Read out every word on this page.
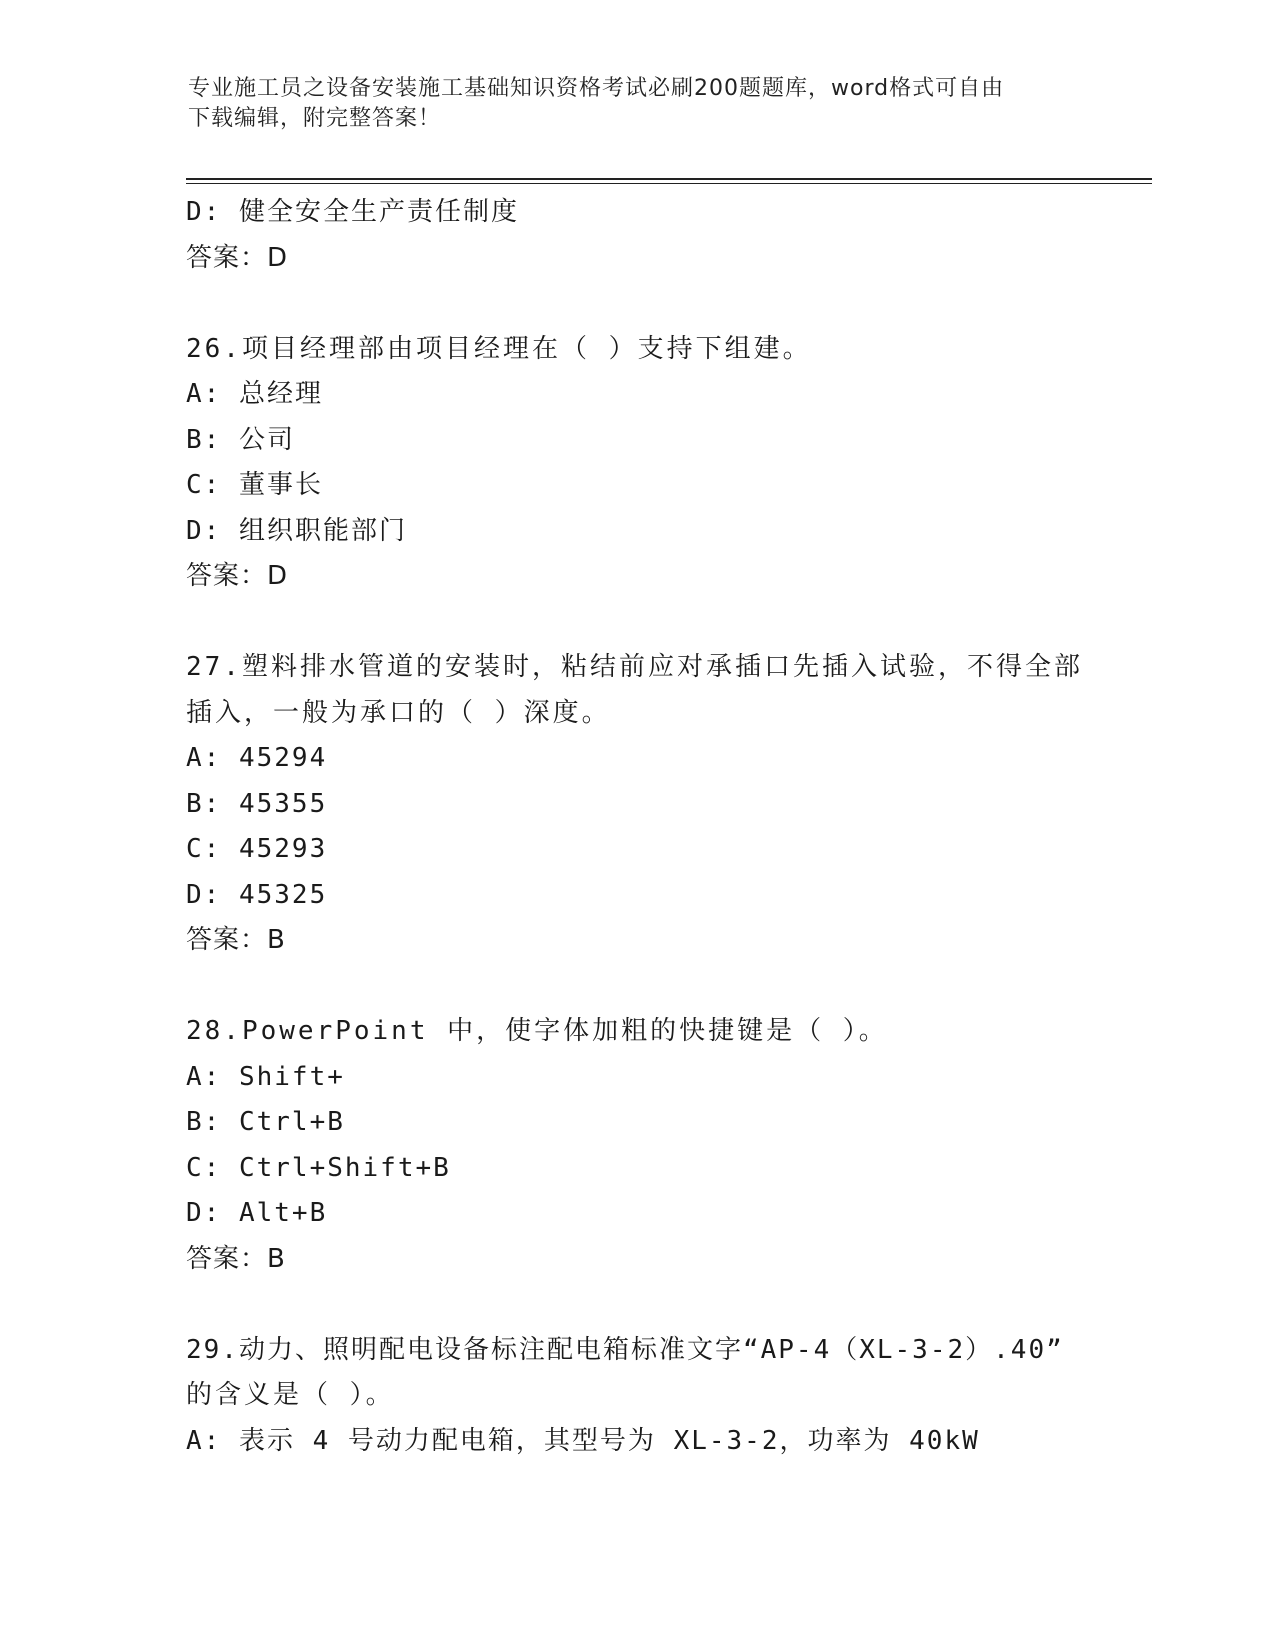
专业施工员之设备安装施工基础知识资格考试必刷200题题库，word格式可自由
下载编辑，附完整答案！
D: 健全安全生产责任制度
答案：D
26.项目经理部由项目经理在（ ）支持下组建。
A: 总经理
B: 公司
C: 董事长
D: 组织职能部门
答案：D
27.塑料排水管道的安装时，粘结前应对承插口先插入试验，不得全部
插入，一般为承口的（ ）深度。
A: 45294
B: 45355
C: 45293
D: 45325
答案：B
28.PowerPoint 中，使字体加粗的快捷键是（ ）。
A: Shift+
B: Ctrl+B
C: Ctrl+Shift+B
D: Alt+B
答案：B
29.动力、照明配电设备标注配电箱标准文字“AP-4（XL-3-2）.40”
的含义是（ ）。
A: 表示 4 号动力配电箱，其型号为 XL-3-2，功率为 40kW
